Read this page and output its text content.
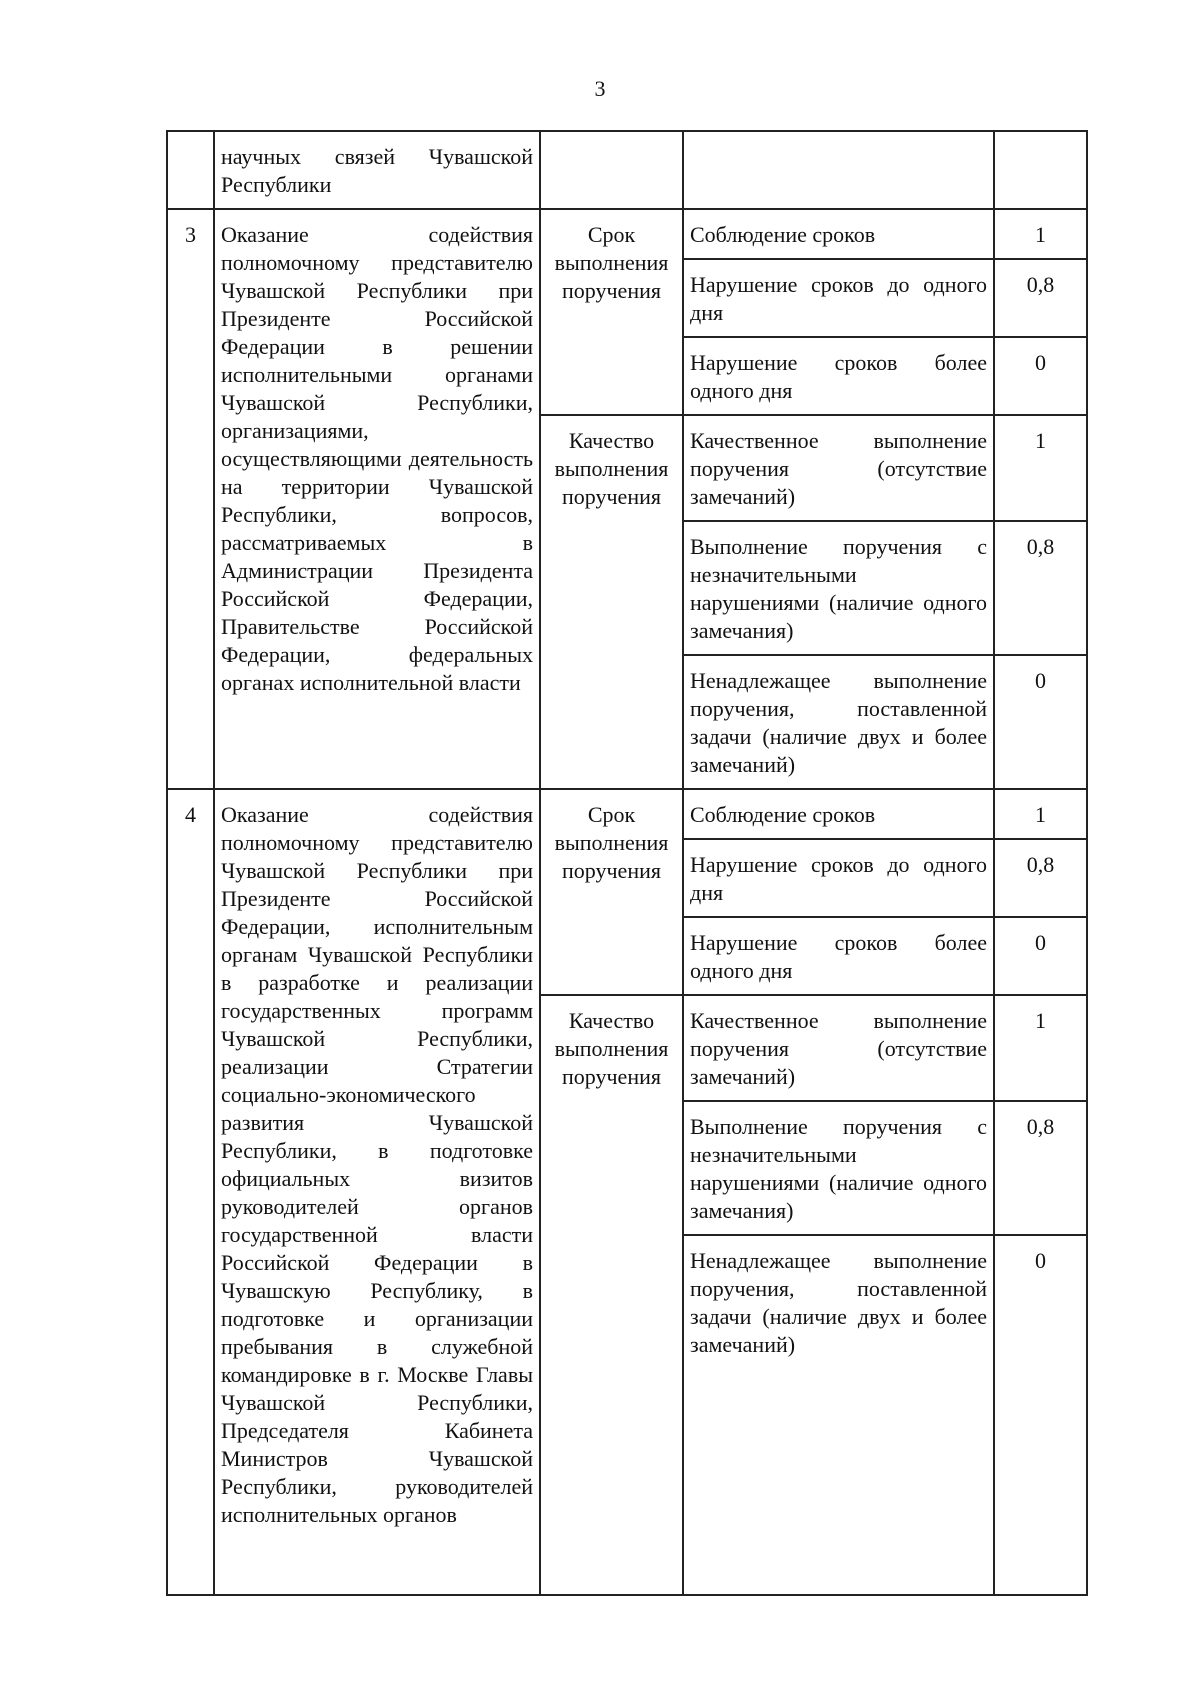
3
	научных связей Чувашской Республики			
3	Оказание содействия полномочному представителю Чувашской Республики при Президенте Российской Федерации в решении исполнительными органами Чувашской Республики, организациями, осуществляющими деятельность на территории Чувашской Республики, вопросов, рассматриваемых в Администрации Президента Российской Федерации, Правительстве Российской Федерации, федеральных органах исполнительной власти	Срок выполнения поручения	Соблюдение сроков	1
			Нарушение сроков до одного дня	0,8
			Нарушение сроков более одного дня	0
		Качество выполнения поручения	Качественное выполнение поручения (отсутствие замечаний)	1
			Выполнение поручения с незначительными нарушениями (наличие одного замечания)	0,8
			Ненадлежащее выполнение поручения, поставленной задачи (наличие двух и более замечаний)	0
4	Оказание содействия полномочному представителю Чувашской Республики при Президенте Российской Федерации, исполнительным органам Чувашской Республики в разработке и реализации государственных программ Чувашской Республики, реализации Стратегии социально-экономического развития Чувашской Республики, в подготовке официальных визитов руководителей органов государственной власти Российской Федерации в Чувашскую Республику, в подготовке и организации пребывания в служебной командировке в г. Москве Главы Чувашской Республики, Председателя Кабинета Министров Чувашской Республики, руководителей исполнительных органов	Срок выполнения поручения	Соблюдение сроков	1
			Нарушение сроков до одного дня	0,8
			Нарушение сроков более одного дня	0
		Качество выполнения поручения	Качественное выполнение поручения (отсутствие замечаний)	1
			Выполнение поручения с незначительными нарушениями (наличие одного замечания)	0,8
			Ненадлежащее выполнение поручения, поставленной задачи (наличие двух и более замечаний)	0
